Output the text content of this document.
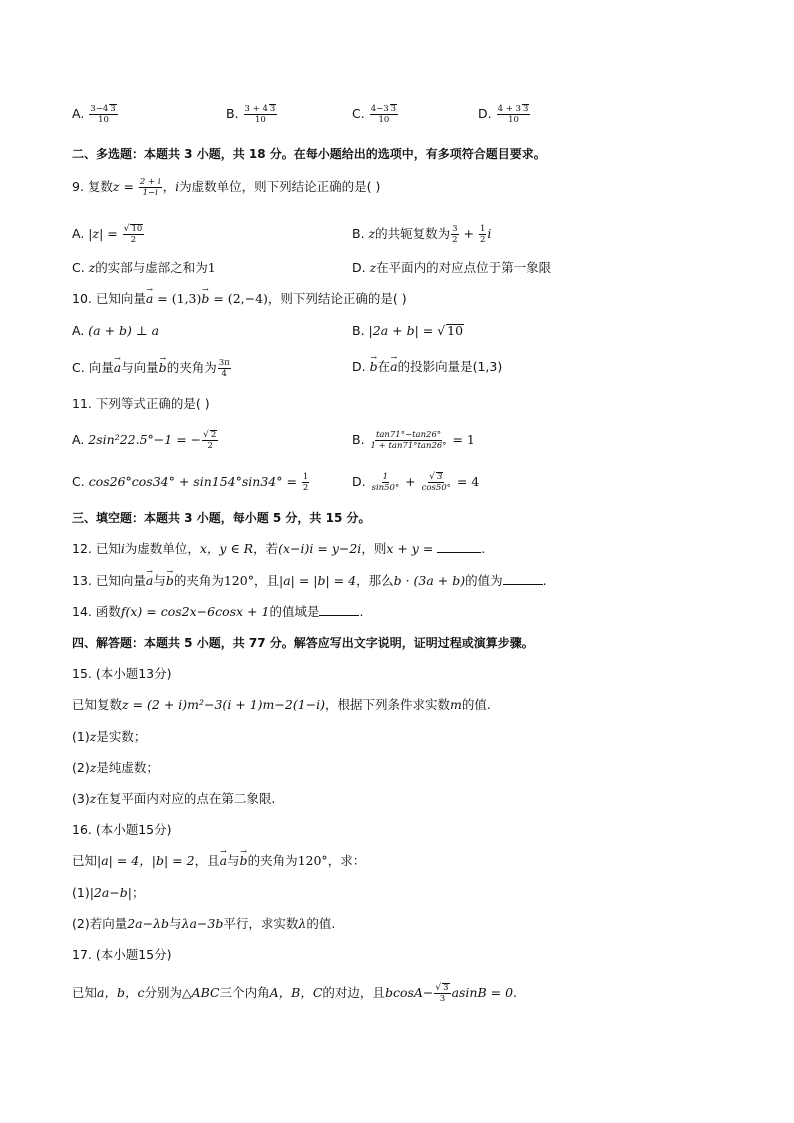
A. $\frac{3-4 3}{10}$	B. $\frac{3 + 4 3}{10}$	C. $\frac{4-3 3}{10}$	D. $\frac{4 + 3 3}{10}$
二、多选题：本题共 3 小题，共 18 分。在每小题给出的选项中，有多项符合题目要求。
9. 复数$z = \frac{2 + i}{1-i}$ ，i为虚数单位，则下列结论正确的是( )
A. $|z| = \frac{√ 10}{2}$	B. z的共轭复数为 $\frac{3}{2} + \frac{1}{2}$ i
C. z的实部与虚部之和为1	D. z在平面内的对应点位于第一象限
10. 已知向量→ a = (1,3)→ b = (2,−4)，则下列结论正确的是( )
A. (a + b) ⊥ a	B. |2a + b| = √ 10
C. 向量→ a与向量→ b的夹角为 $\frac{3\pi}{4}$	D. → b在→ a的投影向量是(1,3)
11. 下列等式正确的是( )
A. 2sin²22.5°−1 = − $\frac{√ 2}{2}$	B. $\frac{\tan 71^\circ-\tan 26^\circ}{1 + \tan 71^\circ\tan 26^\circ} = 1$
C. $\cos 26^\circ\cos 34^\circ + \sin 154^\circ\sin 34^\circ = \frac{1}{2}$	D. $\frac{1}{\sin 50^\circ} + \frac{√ 3}{\cos 50^\circ} = 4$
三、填空题：本题共 3 小题，每小题 5 分，共 15 分。
12. 已知i为虚数单位，x，y ∈ R，若(x−i)i = y−2i，则x + y =	.
13. 已知向量→ a与→ b的夹角为120°，且|a| = |b| = 4，那么b · (3a + b)的值为	.
14. 函数f(x) = cos2x−6cosx + 1的值域是	.
四、解答题：本题共 5 小题，共 77 分。解答应写出文字说明，证明过程或演算步骤。
15. (本小题13分)
已知复数z = (2 + i)m²−3(i + 1)m−2(1−i)，根据下列条件求实数m的值.
(1)z是实数；
(2)z是纯虚数；
(3)z在复平面内对应的点在第二象限.
16. (本小题15分)
已知|a| = 4，|b| = 2，且→ a与→ b的夹角为120°，求：
(1)|2a−b|；
(2)若向量2a−λb与λa−3b平行，求实数λ的值.
17. (本小题15分)
已知a，b，c分别为△ABC三个内角A，B，C的对边，且$bcosA- \frac{√ 3}{3}$ asinB = 0.
